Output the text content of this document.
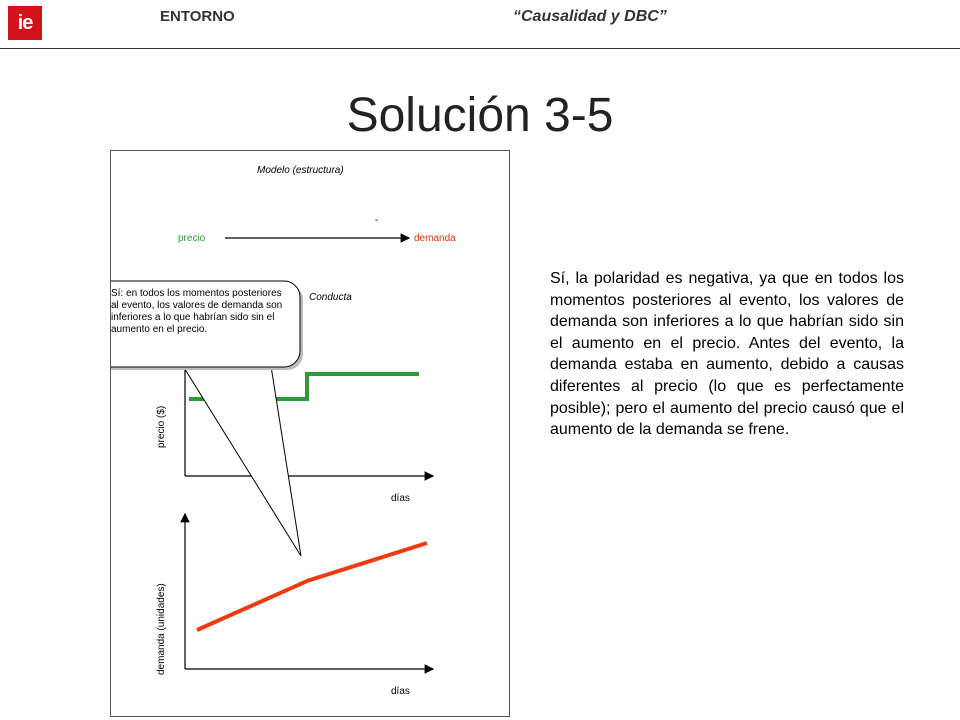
ie	ENTORNO	“Causalidad y DBC”
Solución 3-5
Modelo (estructura)
-
precio	demanda
Conducta
Sí: en todos los momentos posteriores al evento, los valores de demanda son inferiores a lo que habrían sido sin el aumento en el precio.
precio ($)
días
demanda (unidades)
días
Sí, la polaridad es negativa, ya que en todos los momentos posteriores al evento, los valores de demanda son inferiores a lo que habrían sido sin el aumento en el precio. Antes del evento, la demanda estaba en aumento, debido a causas diferentes al precio (lo que es perfectamente posible); pero el aumento del precio causó que el aumento de la demanda se frene.
